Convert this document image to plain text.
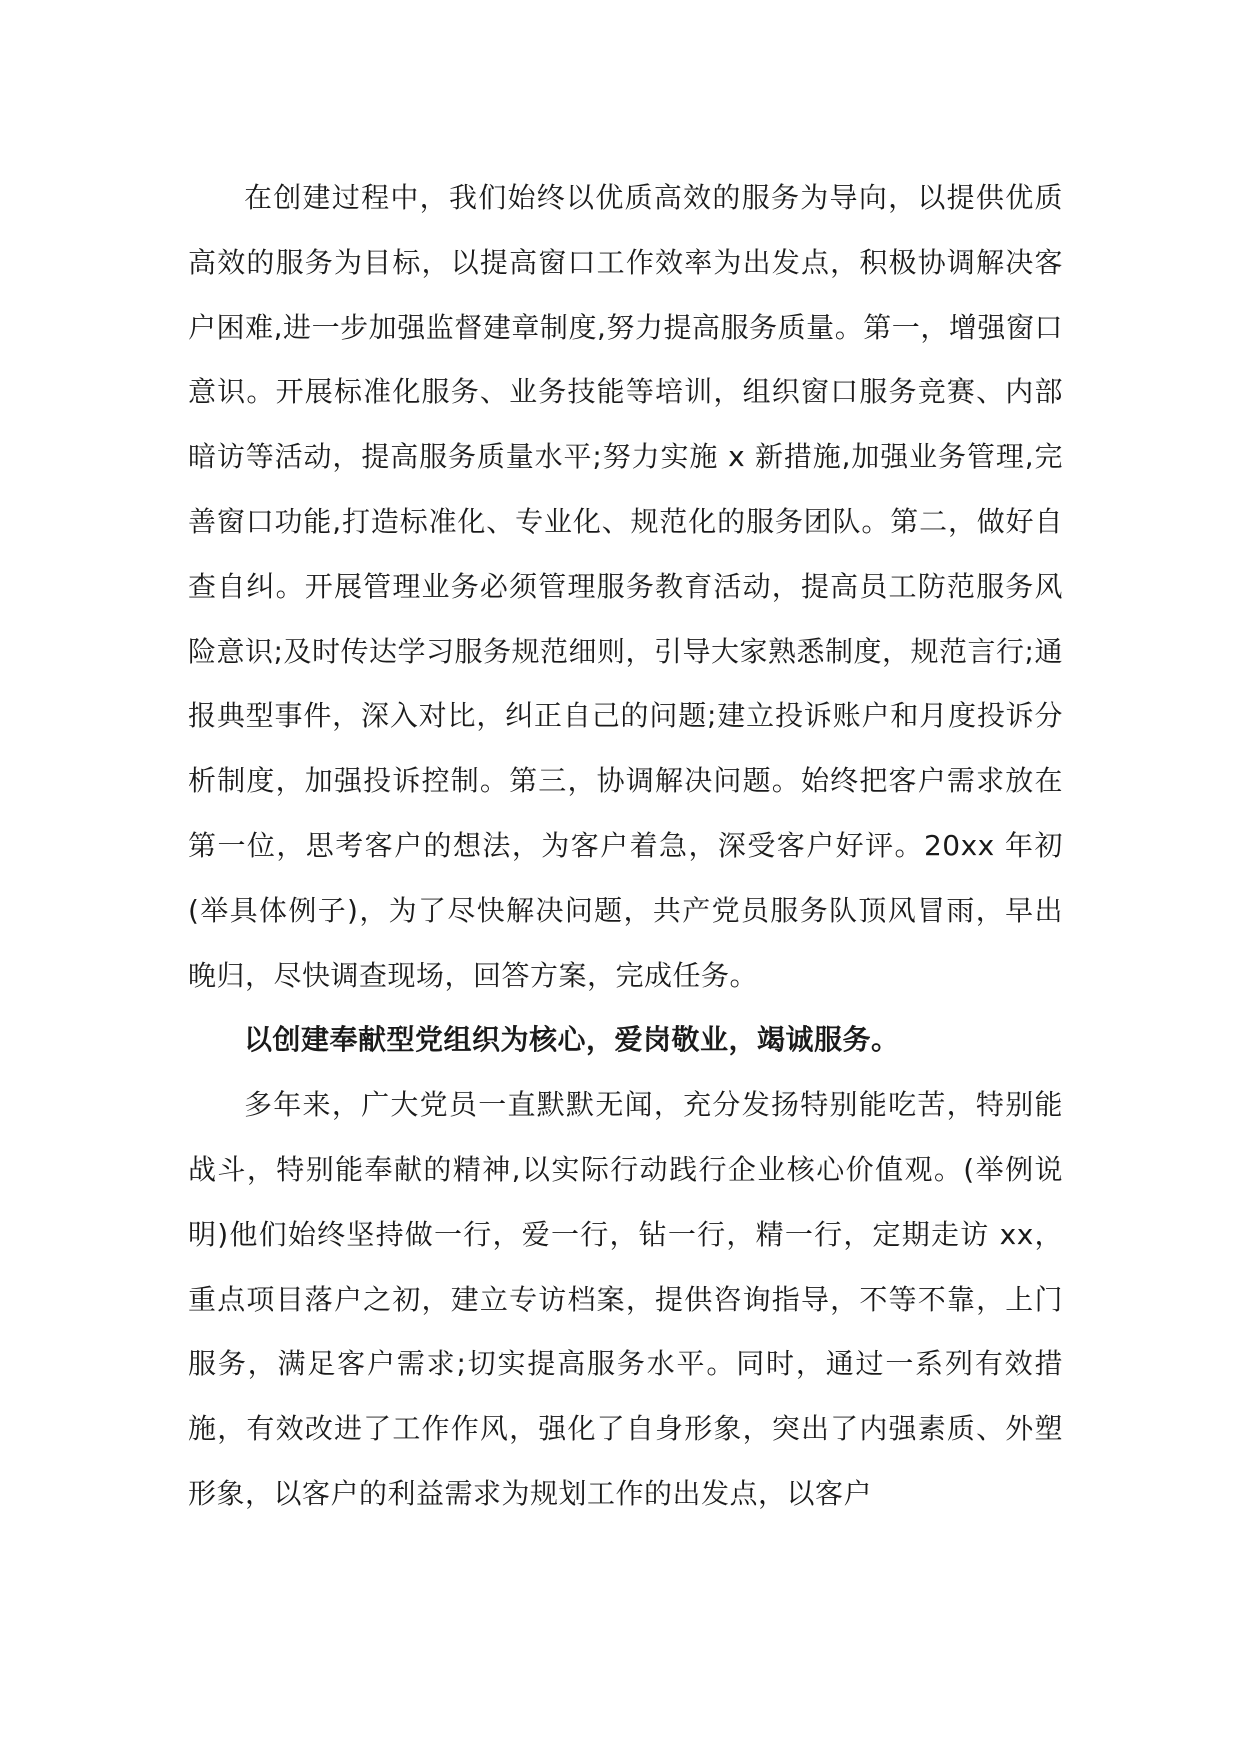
在创建过程中，我们始终以优质高效的服务为导向，以提供优质高效的服务为目标，以提高窗口工作效率为出发点，积极协调解决客户困难,进一步加强监督建章制度,努力提高服务质量。第一，增强窗口意识。开展标准化服务、业务技能等培训，组织窗口服务竞赛、内部暗访等活动，提高服务质量水平;努力实施 x 新措施,加强业务管理,完善窗口功能,打造标准化、专业化、规范化的服务团队。第二，做好自查自纠。开展管理业务必须管理服务教育活动，提高员工防范服务风险意识;及时传达学习服务规范细则，引导大家熟悉制度，规范言行;通报典型事件，深入对比，纠正自己的问题;建立投诉账户和月度投诉分析制度，加强投诉控制。第三，协调解决问题。始终把客户需求放在第一位，思考客户的想法，为客户着急，深受客户好评。20xx 年初(举具体例子)，为了尽快解决问题，共产党员服务队顶风冒雨，早出晚归，尽快调查现场，回答方案，完成任务。

以创建奉献型党组织为核心，爱岗敬业，竭诚服务。

多年来，广大党员一直默默无闻，充分发扬特别能吃苦，特别能战斗，特别能奉献的精神,以实际行动践行企业核心价值观。(举例说明)他们始终坚持做一行，爱一行，钻一行，精一行，定期走访 xx，重点项目落户之初，建立专访档案，提供咨询指导，不等不靠，上门服务，满足客户需求;切实提高服务水平。同时，通过一系列有效措施，有效改进了工作作风，强化了自身形象，突出了内强素质、外塑形象，以客户的利益需求为规划工作的出发点，以客户
